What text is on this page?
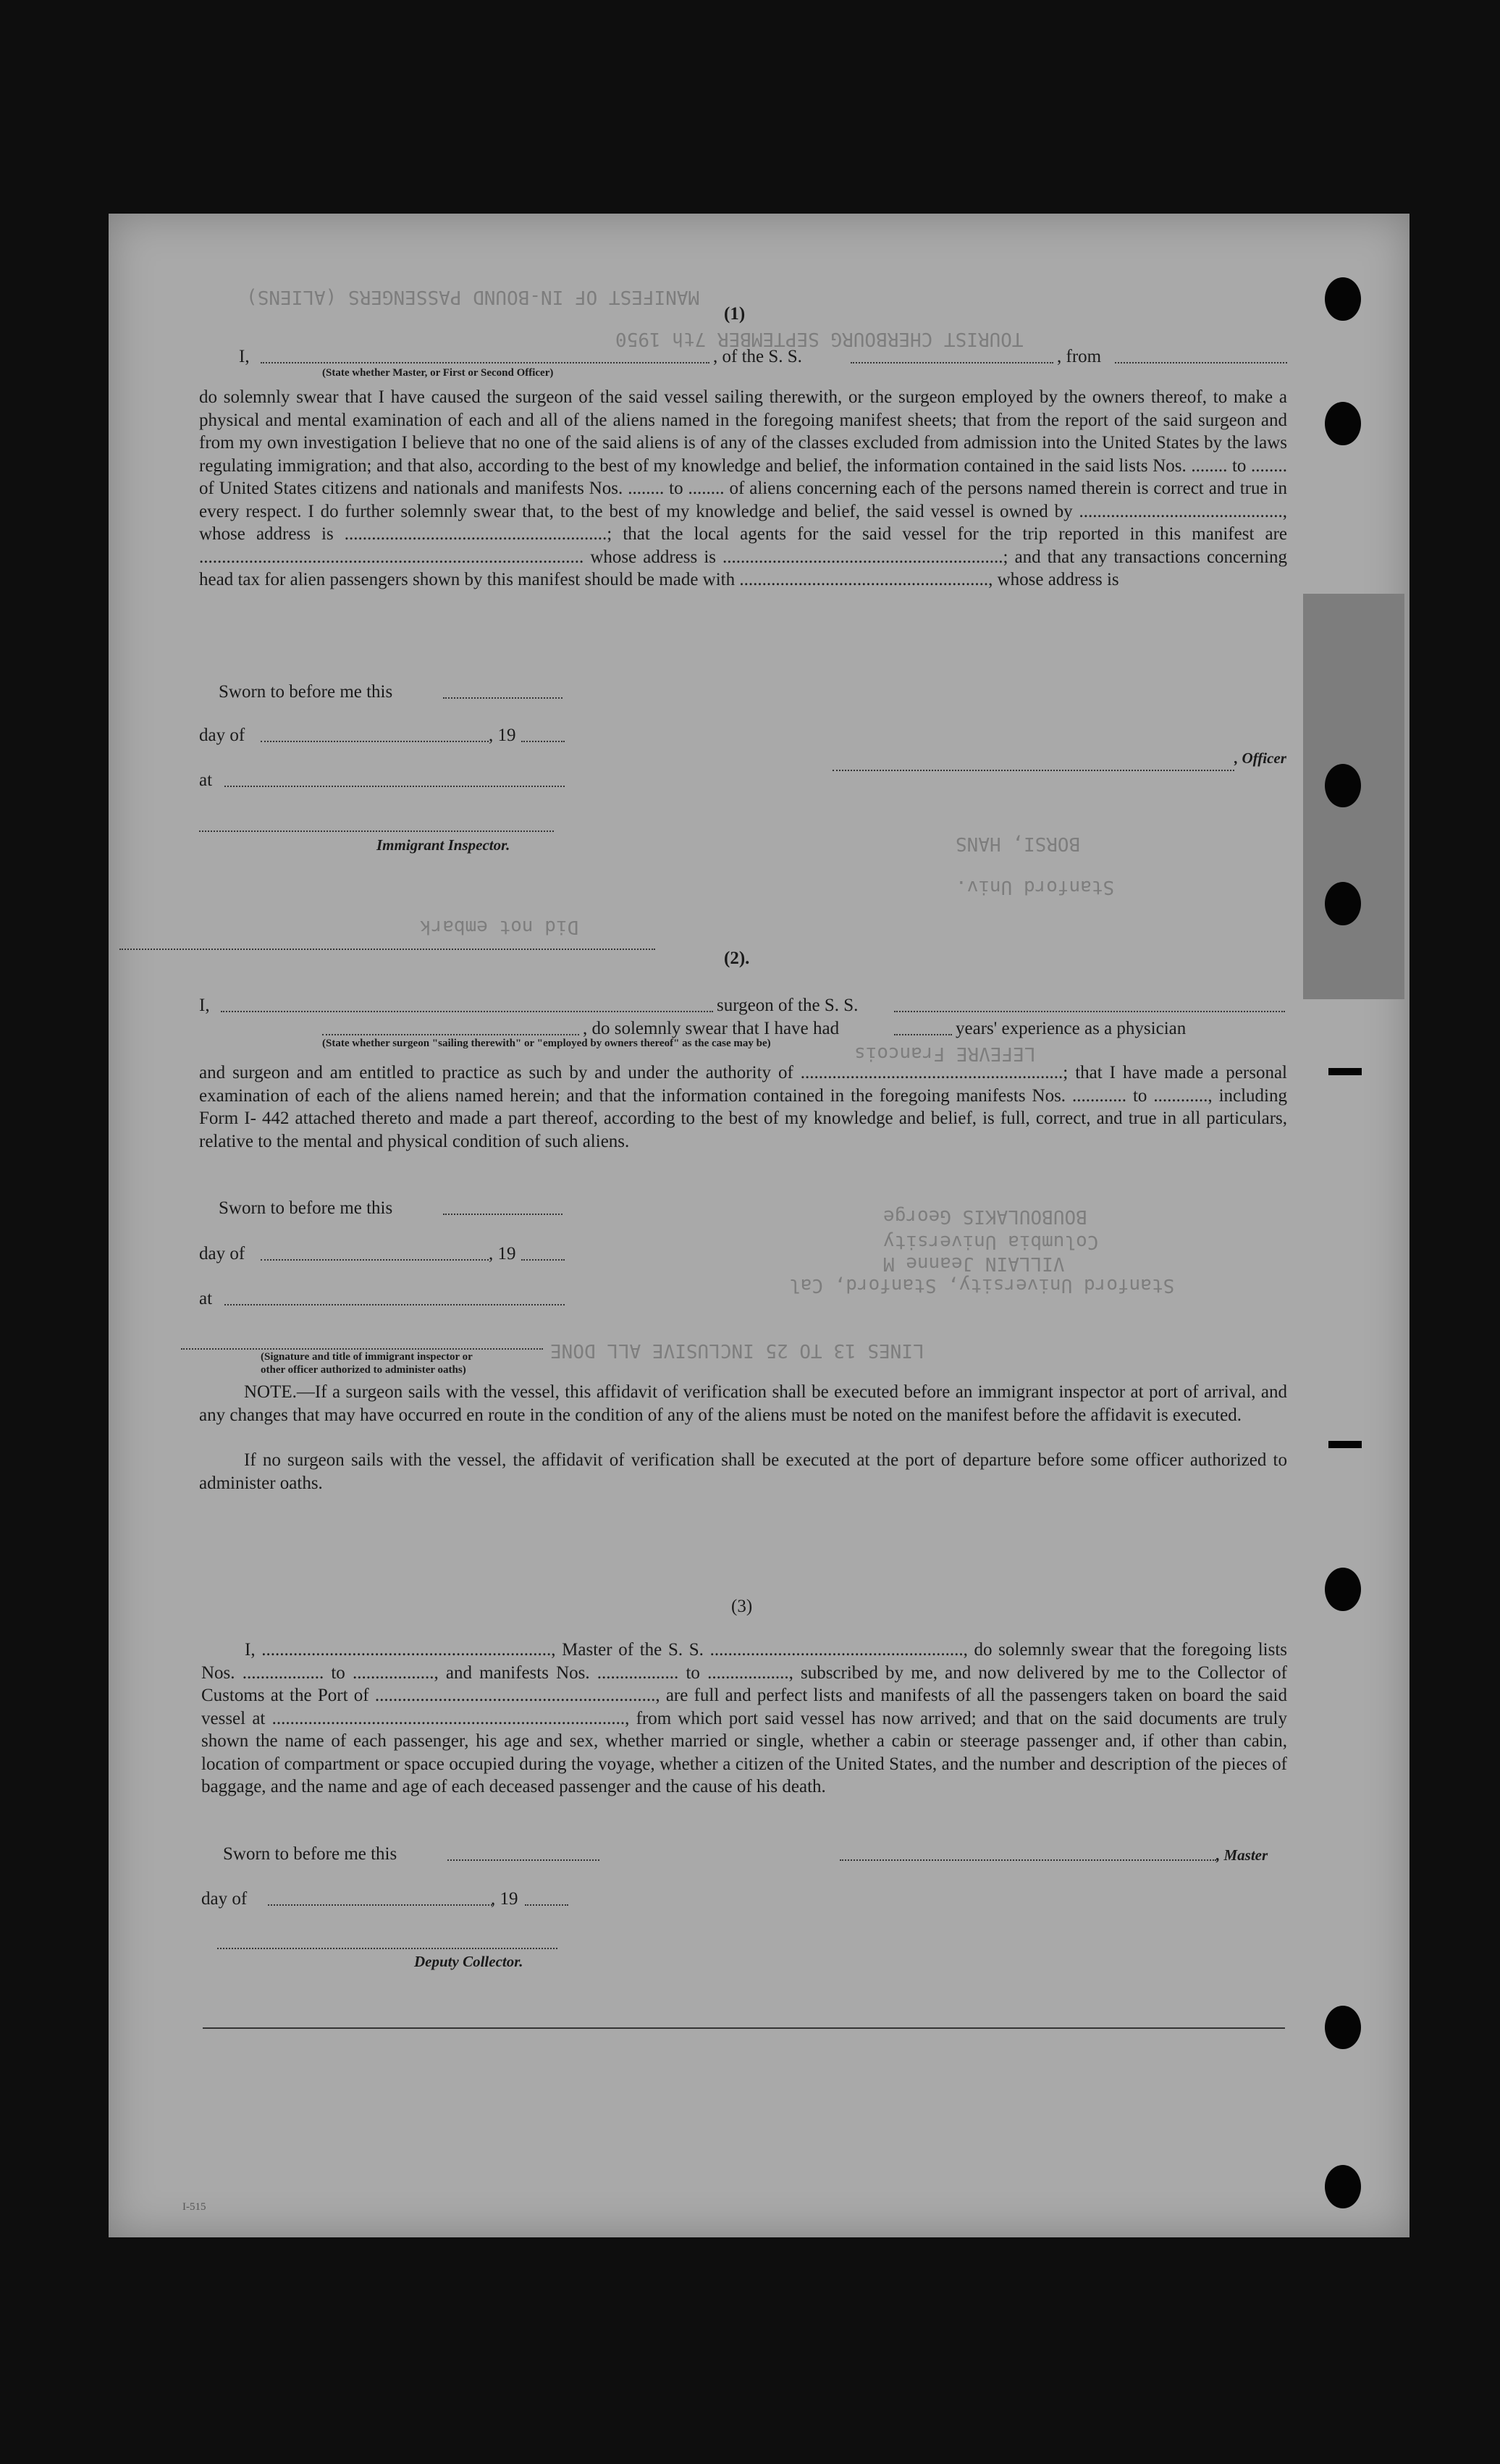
MANIFEST OF IN-BOUND PASSENGERS (ALIENS)
TOURIST CHERBOURG SEPTEMBER 7th 1950
BORSI, HANS
Stanford Univ.
Did not embark
LEFEVRE Francois
BOUBOULAKIS George
Columbia University
VILLAIN Jeanne M
Stanford University, Stanford, Cal
LINES 13 TO 25 INCLUSIVE ALL DONE
(1)
I,	, of the S. S.	, from
(State whether Master, or First or Second Officer)
do solemnly swear that I have caused the surgeon of the said vessel sailing therewith, or the surgeon employed by the owners thereof, to make a physical and mental examination of each and all of the aliens named in the foregoing manifest sheets; that from the report of the said surgeon and from my own investigation I believe that no one of the said aliens is of any of the classes excluded from admission into the United States by the laws regulating immigration; and that also, according to the best of my knowledge and belief, the information contained in the said lists Nos. ........ to ........ of United States citizens and nationals and manifests Nos. ........ to ........ of aliens concerning each of the persons named therein is correct and true in every respect. I do further solemnly swear that, to the best of my knowledge and belief, the said vessel is owned by ............................................., whose address is ..........................................................; that the local agents for the said vessel for the trip reported in this manifest are ..................................................................................... whose address is ..............................................................; and that any transactions concerning head tax for alien passengers shown by this manifest should be made with ......................................................., whose address is
Sworn to before me this
day of	, 19
, Officer
at
Immigrant Inspector.
(2).
I,	surgeon of the S. S.
, do solemnly swear that I have had	years' experience as a physician
(State whether surgeon "sailing therewith" or "employed by owners thereof" as the case may be)
and surgeon and am entitled to practice as such by and under the authority of ..........................................................; that I have made a personal examination of each of the aliens named herein; and that the information contained in the foregoing manifests Nos. ............ to ............, including Form I- 442 attached thereto and made a part thereof, according to the best of my knowledge and belief, is full, correct, and true in all particulars, relative to the mental and physical condition of such aliens.
Sworn to before me this
day of	, 19
at
(Signature and title of immigrant inspector or
other officer authorized to administer oaths)
NOTE.—If a surgeon sails with the vessel, this affidavit of verification shall be executed before an immigrant inspector at port of arrival, and any changes that may have occurred en route in the condition of any of the aliens must be noted on the manifest before the affidavit is executed.
If no surgeon sails with the vessel, the affidavit of verification shall be executed at the port of departure before some officer authorized to administer oaths.
(3)
I, ................................................................, Master of the S. S. ........................................................, do solemnly swear that the foregoing lists Nos. .................. to .................., and manifests Nos. .................. to .................., subscribed by me, and now delivered by me to the Collector of Customs at the Port of .............................................................., are full and perfect lists and manifests of all the passengers taken on board the said vessel at .............................................................................., from which port said vessel has now arrived; and that on the said documents are truly shown the name of each passenger, his age and sex, whether married or single, whether a cabin or steerage passenger and, if other than cabin, location of compartment or space occupied during the voyage, whether a citizen of the United States, and the number and description of the pieces of baggage, and the name and age of each deceased passenger and the cause of his death.
Sworn to before me this	, Master
day of	, 19
Deputy Collector.
I-515
